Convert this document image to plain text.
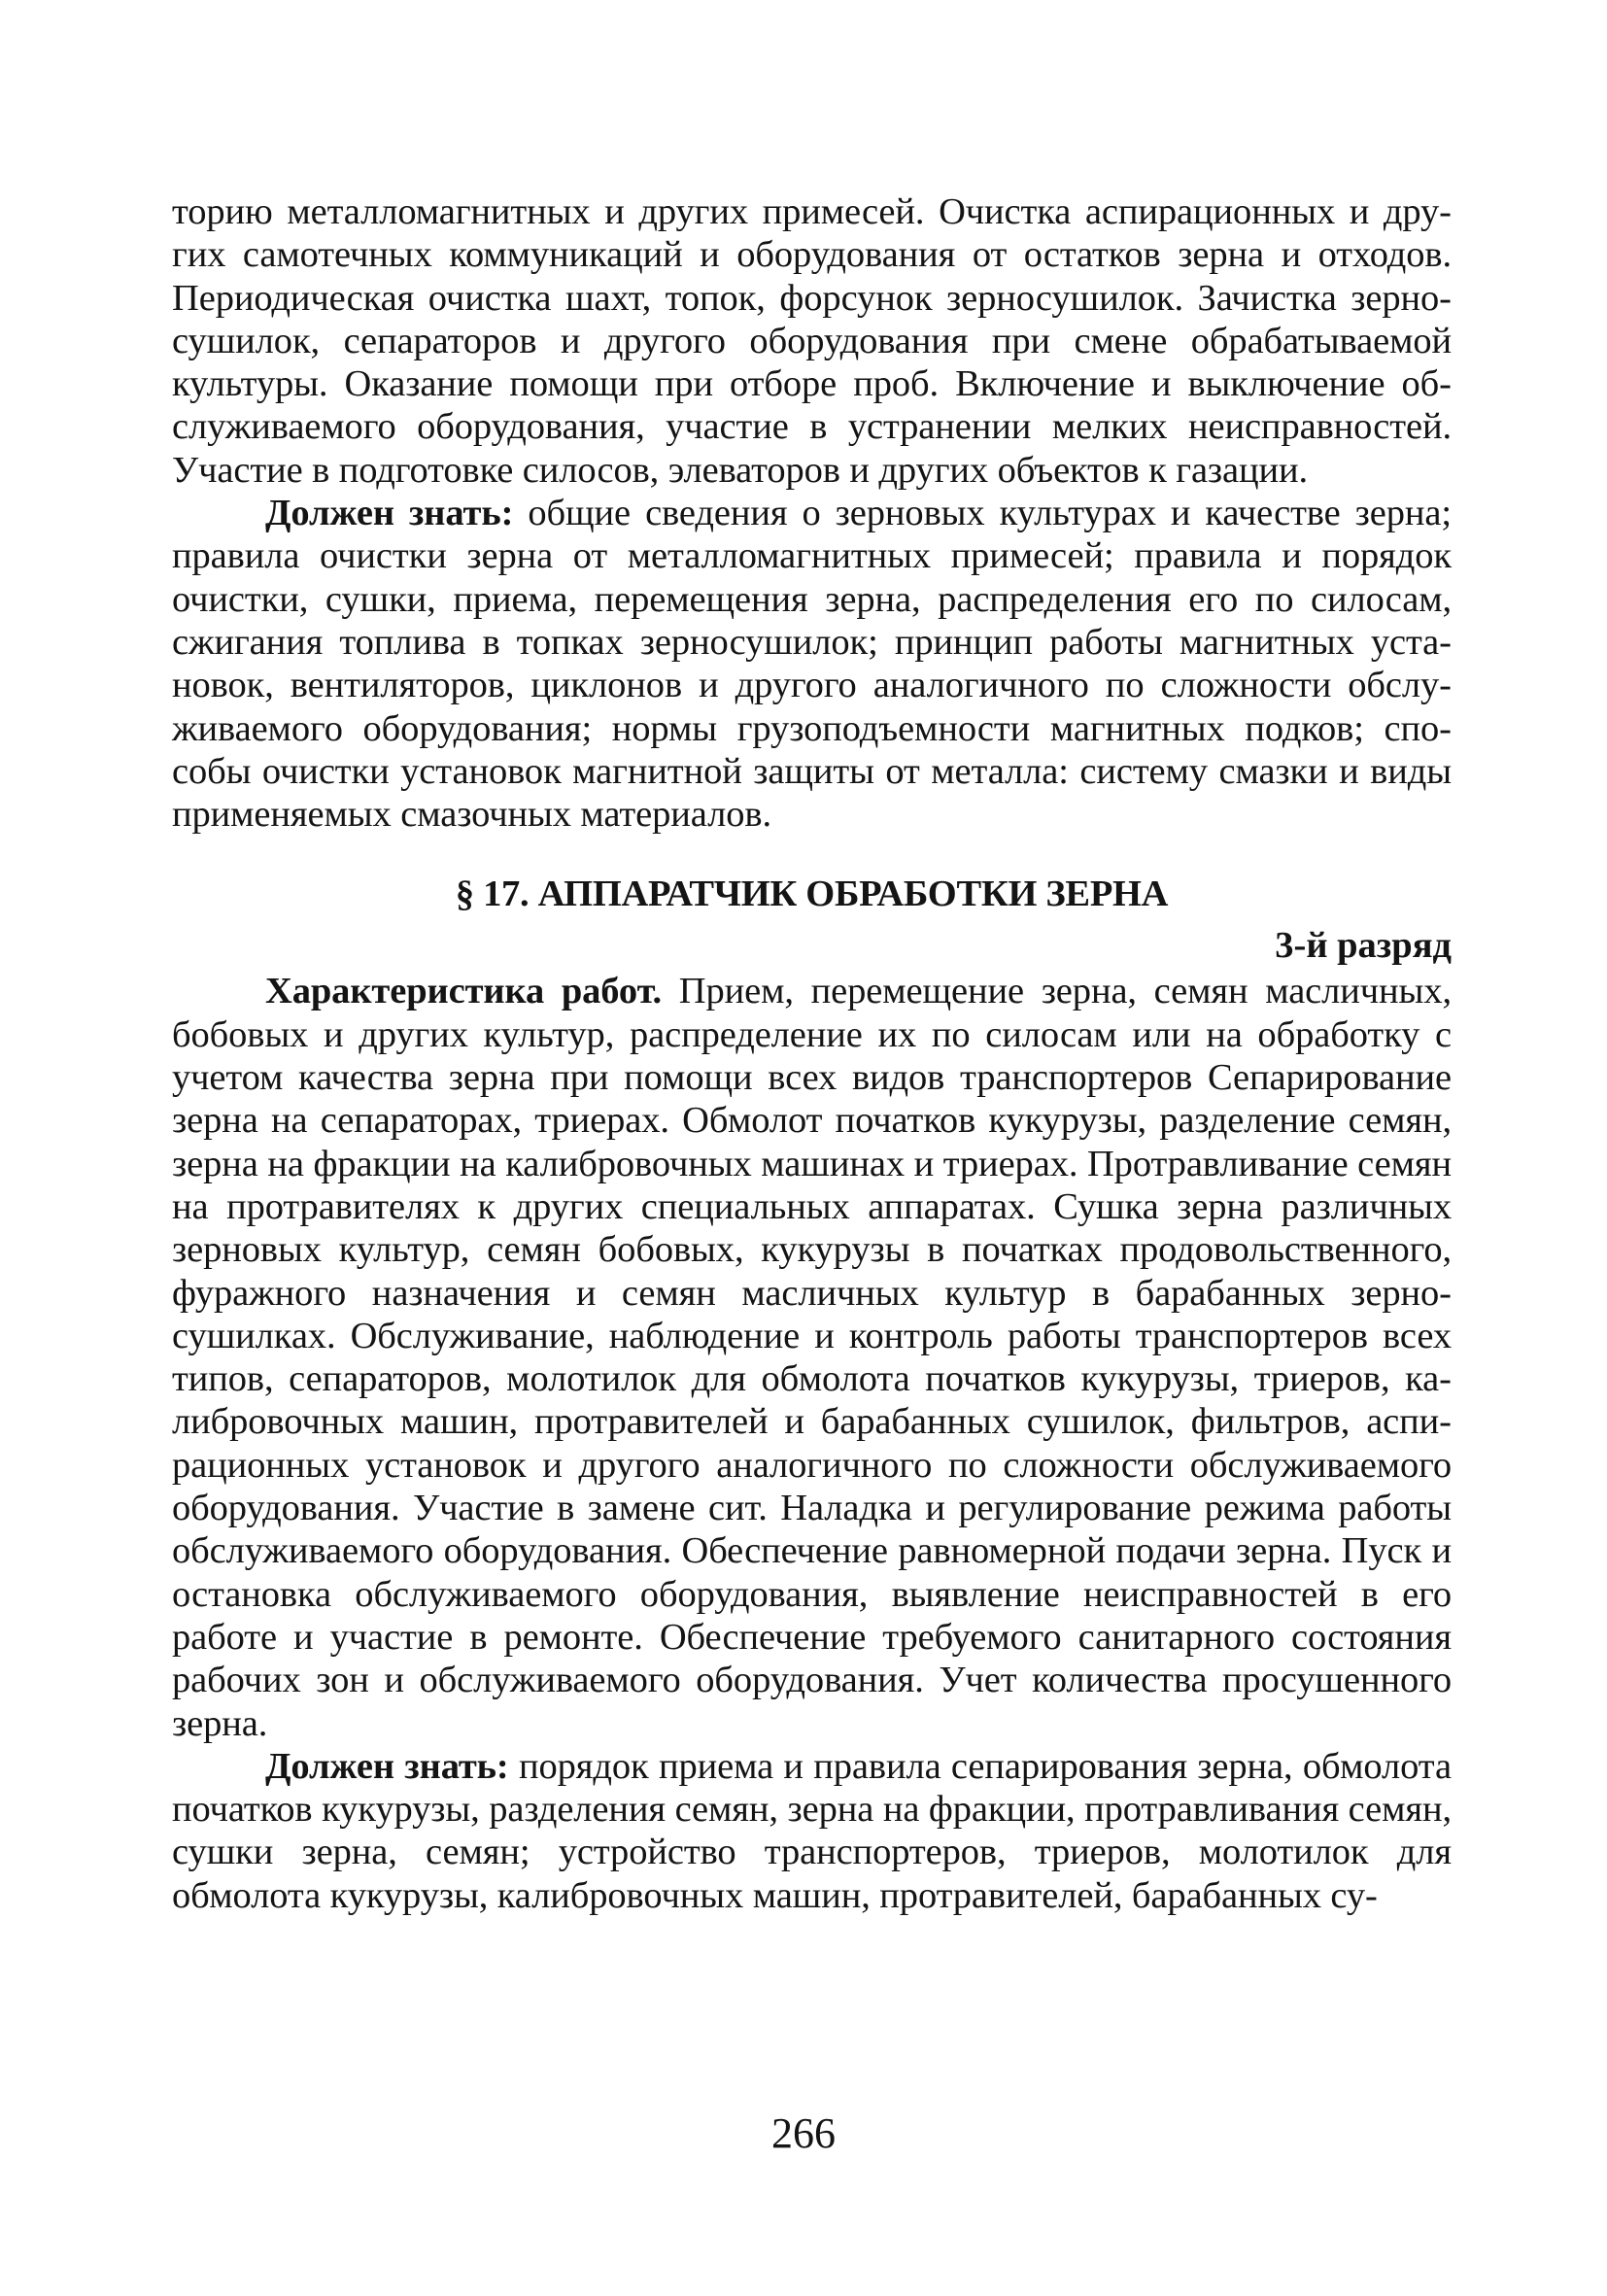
торию металломагнитных и других примесей. Очистка аспирационных и других самотечных коммуникаций и оборудования от остатков зерна и отходов. Периодическая очистка шахт, топок, форсунок зерносушилок. Зачистка зерносушилок, сепараторов и другого оборудования при смене обрабатываемой культуры. Оказание помощи при отборе проб. Включение и выключение обслуживаемого оборудования, участие в устранении мелких неисправностей. Участие в подготовке силосов, элеваторов и других объектов к газации.

Должен знать: общие сведения о зерновых культурах и качестве зерна; правила очистки зерна от металломагнитных примесей; правила и порядок очистки, сушки, приема, перемещения зерна, распределения его по силосам, сжигания топлива в топках зерносушилок; принцип работы магнитных установок, вентиляторов, циклонов и другого аналогичного по сложности обслуживаемого оборудования; нормы грузоподъемности магнитных подков; способы очистки установок магнитной защиты от металла: систему смазки и виды применяемых смазочных материалов.

§ 17. АППАРАТЧИК ОБРАБОТКИ ЗЕРНА
3-й разряд

Характеристика работ. Прием, перемещение зерна, семян масличных, бобовых и других культур, распределение их по силосам или на обработку с учетом качества зерна при помощи всех видов транспортеров Сепарирование зерна на сепараторах, триерах. Обмолот початков кукурузы, разделение семян, зерна на фракции на калибровочных машинах и триерах. Протравливание семян на протравителях к других специальных аппаратах. Сушка зерна различных зерновых культур, семян бобовых, кукурузы в початках продовольственного, фуражного назначения и семян масличных культур в барабанных зерносушилках. Обслуживание, наблюдение и контроль работы транспортеров всех типов, сепараторов, молотилок для обмолота початков кукурузы, триеров, калибровочных машин, протравителей и барабанных сушилок, фильтров, аспирационных установок и другого аналогичного по сложности обслуживаемого оборудования. Участие в замене сит. Наладка и регулирование режима работы обслуживаемого оборудования. Обеспечение равномерной подачи зерна. Пуск и остановка обслуживаемого оборудования, выявление неисправностей в его работе и участие в ремонте. Обеспечение требуемого санитарного состояния рабочих зон и обслуживаемого оборудования. Учет количества просушенного зерна.

Должен знать: порядок приема и правила сепарирования зерна, обмолота початков кукурузы, разделения семян, зерна на фракции, протравливания семян, сушки зерна, семян; устройство транспортеров, триеров, молотилок для обмолота кукурузы, калибровочных машин, протравителей, барабанных су-

266
